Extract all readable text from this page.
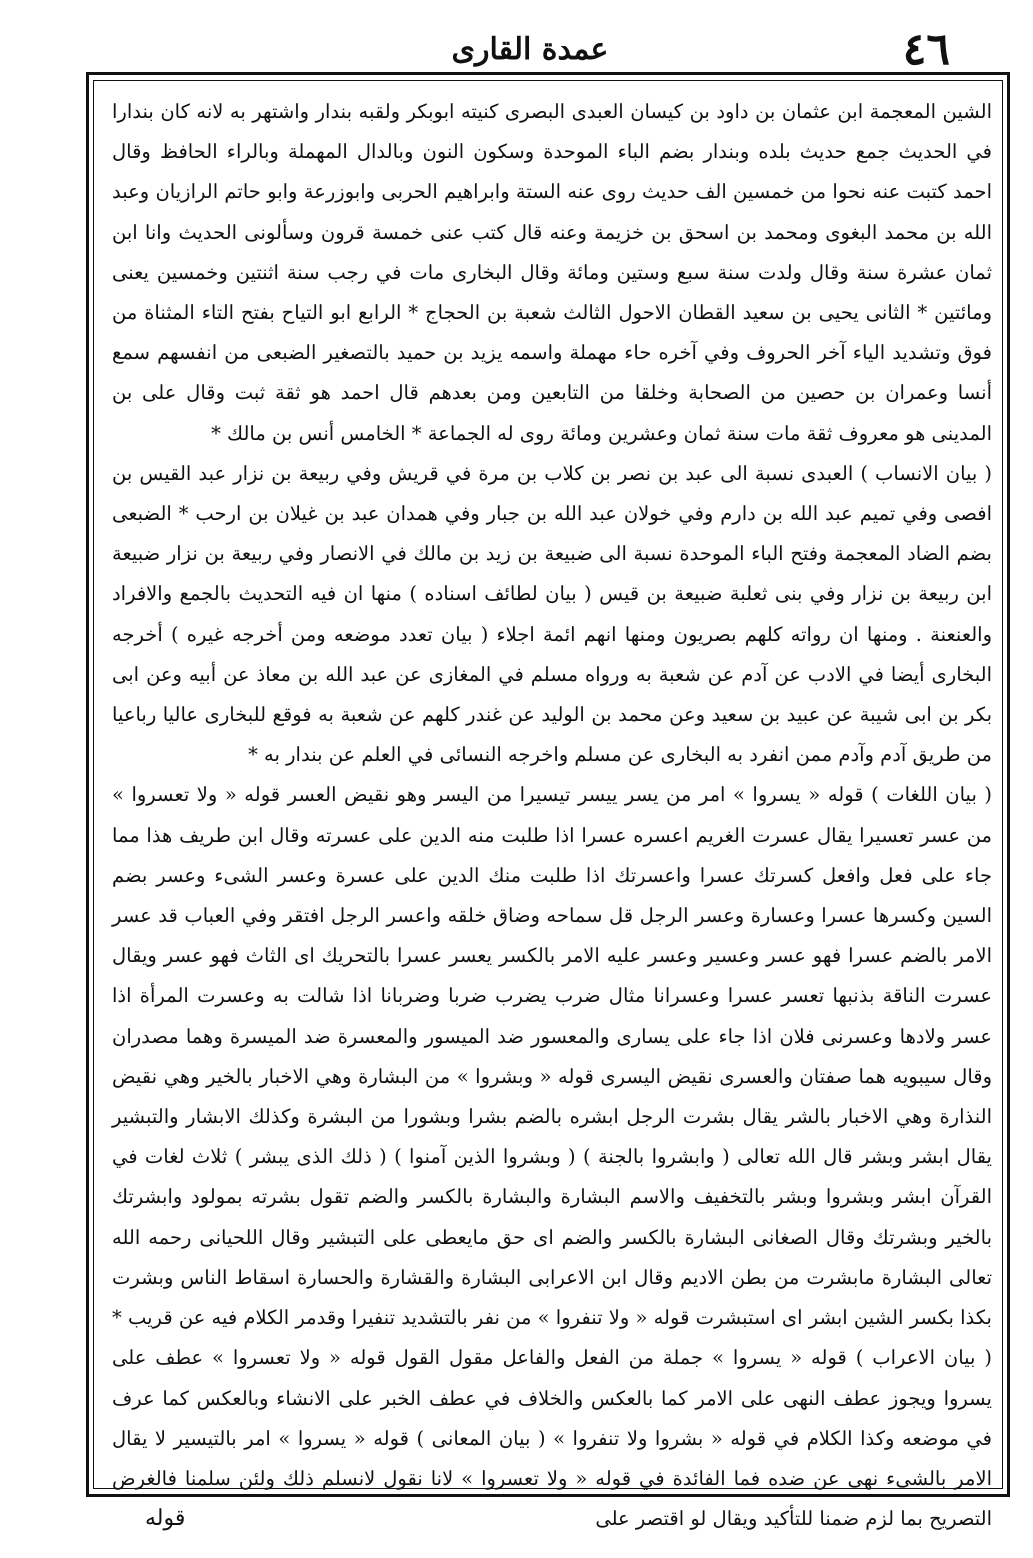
٤٦
عمدة القارى

الشين المعجمة ابن عثمان بن داود بن كيسان العبدى البصرى كنيته ابوبكر ولقبه بندار واشتهر به لانه كان بندارا في الحديث جمع حديث بلده وبندار بضم الباء الموحدة وسكون النون وبالدال المهملة وبالراء الحافظ وقال احمد كتبت عنه نحوا من خمسين الف حديث روى عنه الستة وابراهيم الحربى وابوزرعة وابو حاتم الرازيان وعبد الله بن محمد البغوى ومحمد بن اسحق بن خزيمة وعنه قال كتب عنى خمسة قرون وسألونى الحديث وانا ابن ثمان عشرة سنة وقال ولدت سنة سبع وستين ومائة وقال البخارى مات في رجب سنة اثنتين وخمسين يعنى ومائتين * الثانى يحيى بن سعيد القطان الاحول الثالث شعبة بن الحجاج * الرابع ابو التياح بفتح التاء المثناة من فوق وتشديد الياء آخر الحروف وفي آخره حاء مهملة واسمه يزيد بن حميد بالتصغير الضبعى من انفسهم سمع أنسا وعمران بن حصين من الصحابة وخلقا من التابعين ومن بعدهم قال احمد هو ثقة ثبت وقال على بن المدينى هو معروف ثقة مات سنة ثمان وعشرين ومائة روى له الجماعة * الخامس أنس بن مالك *

( بيان الانساب ) العبدى نسبة الى عبد بن نصر بن كلاب بن مرة في قريش وفي ربيعة بن نزار عبد القيس بن افصى وفي تميم عبد الله بن دارم وفي خولان عبد الله بن جبار وفي همدان عبد بن غيلان بن ارحب * الضبعى بضم الضاد المعجمة وفتح الباء الموحدة نسبة الى ضبيعة بن زيد بن مالك في الانصار وفي ربيعة بن نزار ضبيعة ابن ربيعة بن نزار وفي بنى ثعلبة ضبيعة بن قيس ( بيان لطائف اسناده ) منها ان فيه التحديث بالجمع والافراد والعنعنة . ومنها ان رواته كلهم بصريون ومنها انهم ائمة اجلاء ( بيان تعدد موضعه ومن أخرجه غيره ) أخرجه البخارى أيضا في الادب عن آدم عن شعبة به ورواه مسلم في المغازى عن عبد الله بن معاذ عن أبيه وعن ابى بكر بن ابى شيبة عن عبيد بن سعيد وعن محمد بن الوليد عن غندر كلهم عن شعبة به فوقع للبخارى عاليا رباعيا من طريق آدم وآدم ممن انفرد به البخارى عن مسلم واخرجه النسائى في العلم عن بندار به *

( بيان اللغات ) قوله « يسروا » امر من يسر ييسر تيسيرا من اليسر وهو نقيض العسر قوله « ولا تعسروا » من عسر تعسيرا يقال عسرت الغريم اعسره عسرا اذا طلبت منه الدين على عسرته وقال ابن طريف هذا مما جاء على فعل وافعل كسرتك عسرا واعسرتك اذا طلبت منك الدين على عسرة وعسر الشىء وعسر بضم السين وكسرها عسرا وعسارة وعسر الرجل قل سماحه وضاق خلقه واعسر الرجل افتقر وفي العباب قد عسر الامر بالضم عسرا فهو عسر وعسير وعسر عليه الامر بالكسر يعسر عسرا بالتحريك اى الثاث فهو عسر ويقال عسرت الناقة بذنبها تعسر عسرا وعسرانا مثال ضرب يضرب ضربا وضربانا اذا شالت به وعسرت المرأة اذا عسر ولادها وعسرنى فلان اذا جاء على يسارى والمعسور ضد الميسور والمعسرة ضد الميسرة وهما مصدران وقال سيبويه هما صفتان والعسرى نقيض اليسرى قوله « وبشروا » من البشارة وهي الاخبار بالخير وهي نقيض النذارة وهي الاخبار بالشر يقال بشرت الرجل ابشره بالضم بشرا وبشورا من البشرة وكذلك الابشار والتبشير يقال ابشر وبشر قال الله تعالى ( وابشروا بالجنة ) ( وبشروا الذين آمنوا ) ( ذلك الذى يبشر ) ثلاث لغات في القرآن ابشر وبشروا وبشر بالتخفيف والاسم البشارة والبشارة بالكسر والضم تقول بشرته بمولود وابشرتك بالخير وبشرتك وقال الصغانى البشارة بالكسر والضم اى حق مايعطى على التبشير وقال اللحيانى رحمه الله تعالى البشارة مابشرت من بطن الاديم وقال ابن الاعرابى البشارة والقشارة والحسارة اسقاط الناس وبشرت بكذا بكسر الشين ابشر اى استبشرت قوله « ولا تنفروا » من نفر بالتشديد تنفيرا وقدمر الكلام فيه عن قريب *

( بيان الاعراب ) قوله « يسروا » جملة من الفعل والفاعل مقول القول قوله « ولا تعسروا » عطف على يسروا ويجوز عطف النهى على الامر كما بالعكس والخلاف في عطف الخبر على الانشاء وبالعكس كما عرف في موضعه وكذا الكلام في قوله « بشروا ولا تنفروا » ( بيان المعانى ) قوله « يسروا » امر بالتيسير لا يقال الامر بالشىء نهى عن ضده فما الفائدة في قوله « ولا تعسروا » لانا نقول لانسلم ذلك ولئن سلمنا فالغرض التصريح بما لزم ضمنا للتأكيد ويقال لو اقتصر على

قوله
